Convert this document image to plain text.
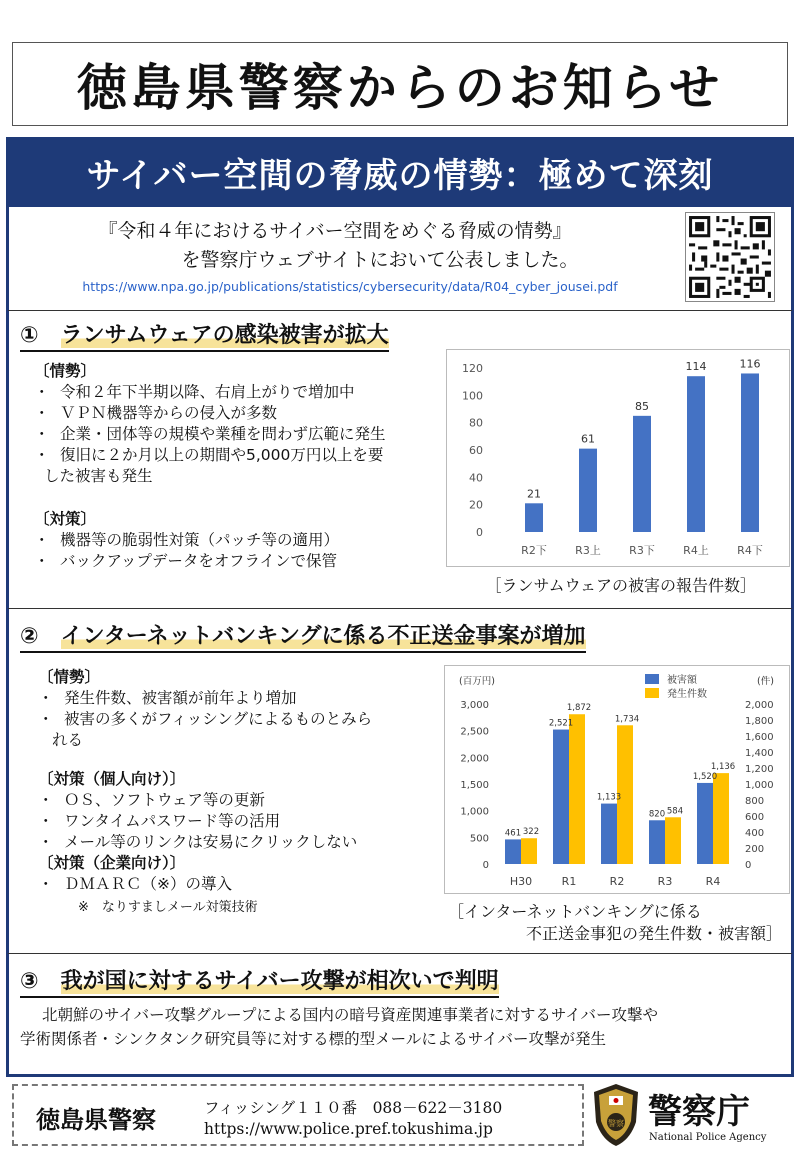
徳島県警察からのお知らせ
サイバー空間の脅威の情勢：極めて深刻
『令和４年におけるサイバー空間をめぐる脅威の情勢』
を警察庁ウェブサイトにおいて公表しました。
https://www.npa.go.jp/publications/statistics/cybersecurity/data/R04_cyber_jousei.pdf
① ランサムウェアの感染被害が拡大
〔情勢〕
・ 令和２年下半期以降、右肩上がりで増加中
・ ＶＰＮ機器等からの侵入が多数
・ 企業・団体等の規模や業種を問わず広範に発生
・ 復旧に２か月以上の期間や5,000万円以上を要
した被害も発生
〔対策〕
・ 機器等の脆弱性対策（パッチ等の適用）
・ バックアップデータをオフラインで保管
0
20
40
60
80
100
120
21
R2下
61
R3上
85
R3下
114
R4上
116
R4下
［ランサムウェアの被害の報告件数］
② インターネットバンキングに係る不正送金事案が増加
〔情勢〕
・ 発生件数、被害額が前年より増加
・ 被害の多くがフィッシングによるものとみら
れる
〔対策（個人向け）〕
・ ＯＳ、ソフトウェア等の更新
・ ワンタイムパスワード等の活用
・ メール等のリンクは安易にクリックしない
〔対策（企業向け）〕
・ ＤＭＡＲＣ（※）の導入
※　なりすましメール対策技術
(百万円)	(件)
0
500
1,000
1,500
2,000
2,500
3,000
0
200
400
600
800
1,000
1,200
1,400
1,600
1,800
2,000
被害額
発生件数
461 322
H30
2,521
1,872
R1
1,133
1,734
R2
820 584
R3
1,520
1,136
R4
［インターネットバンキングに係る
不正送金事犯の発生件数・被害額］
③ 我が国に対するサイバー攻撃が相次いで判明
北朝鮮のサイバー攻撃グループによる国内の暗号資産関連事業者に対するサイバー攻撃や
学術関係者・シンクタンク研究員等に対する標的型メールによるサイバー攻撃が発生
徳島県警察	フィッシング１１０番　088－622－3180
https://www.police.pref.tokushima.jp	警察 警察庁
National Police Agency
